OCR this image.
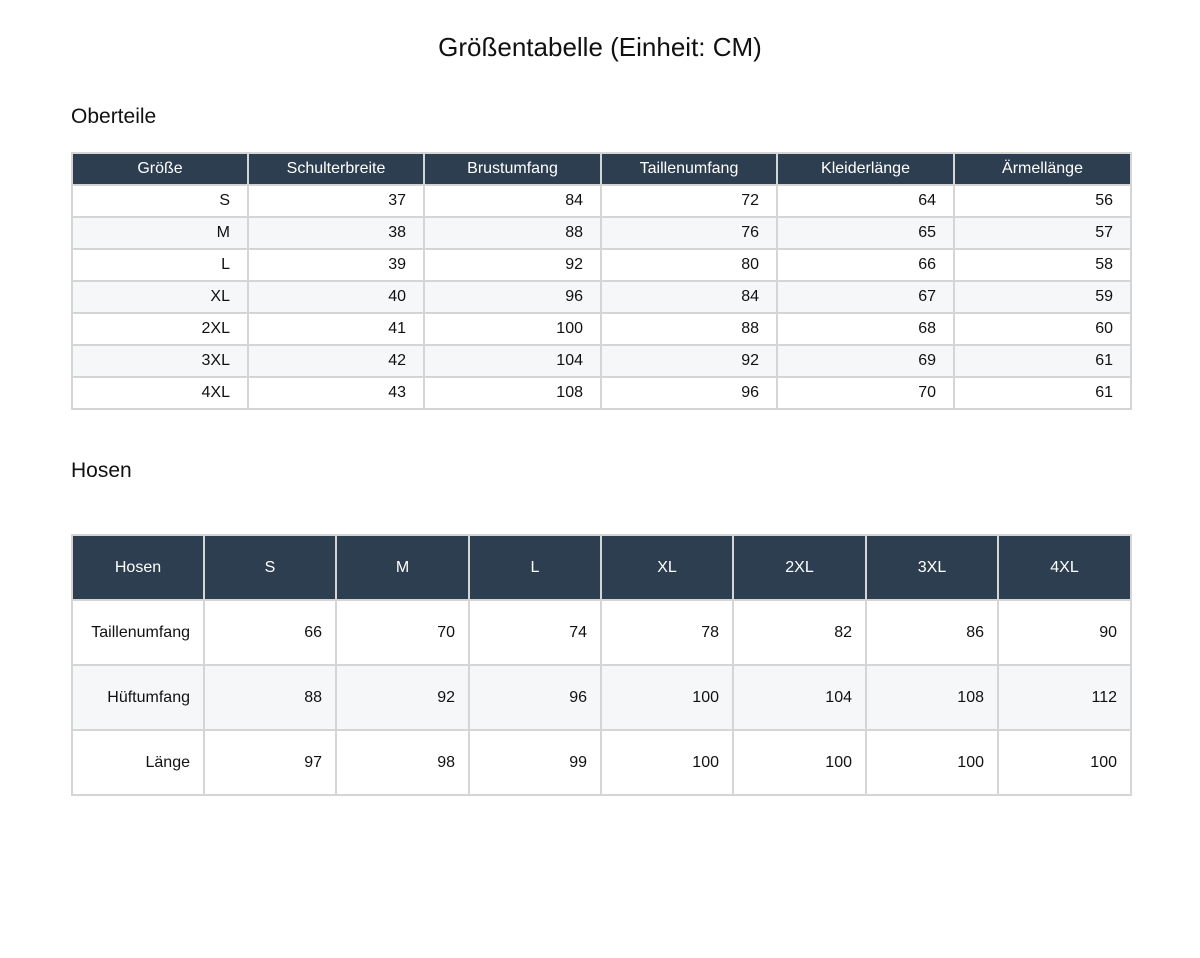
Größentabelle (Einheit: CM)
Oberteile
Größe	Schulterbreite	Brustumfang	Taillenumfang	Kleiderlänge	Ärmellänge
S	37	84	72	64	56
M	38	88	76	65	57
L	39	92	80	66	58
XL	40	96	84	67	59
2XL	41	100	88	68	60
3XL	42	104	92	69	61
4XL	43	108	96	70	61
Hosen
Hosen	S	M	L	XL	2XL	3XL	4XL
Taillenumfang	66	70	74	78	82	86	90
Hüftumfang	88	92	96	100	104	108	112
Länge	97	98	99	100	100	100	100
